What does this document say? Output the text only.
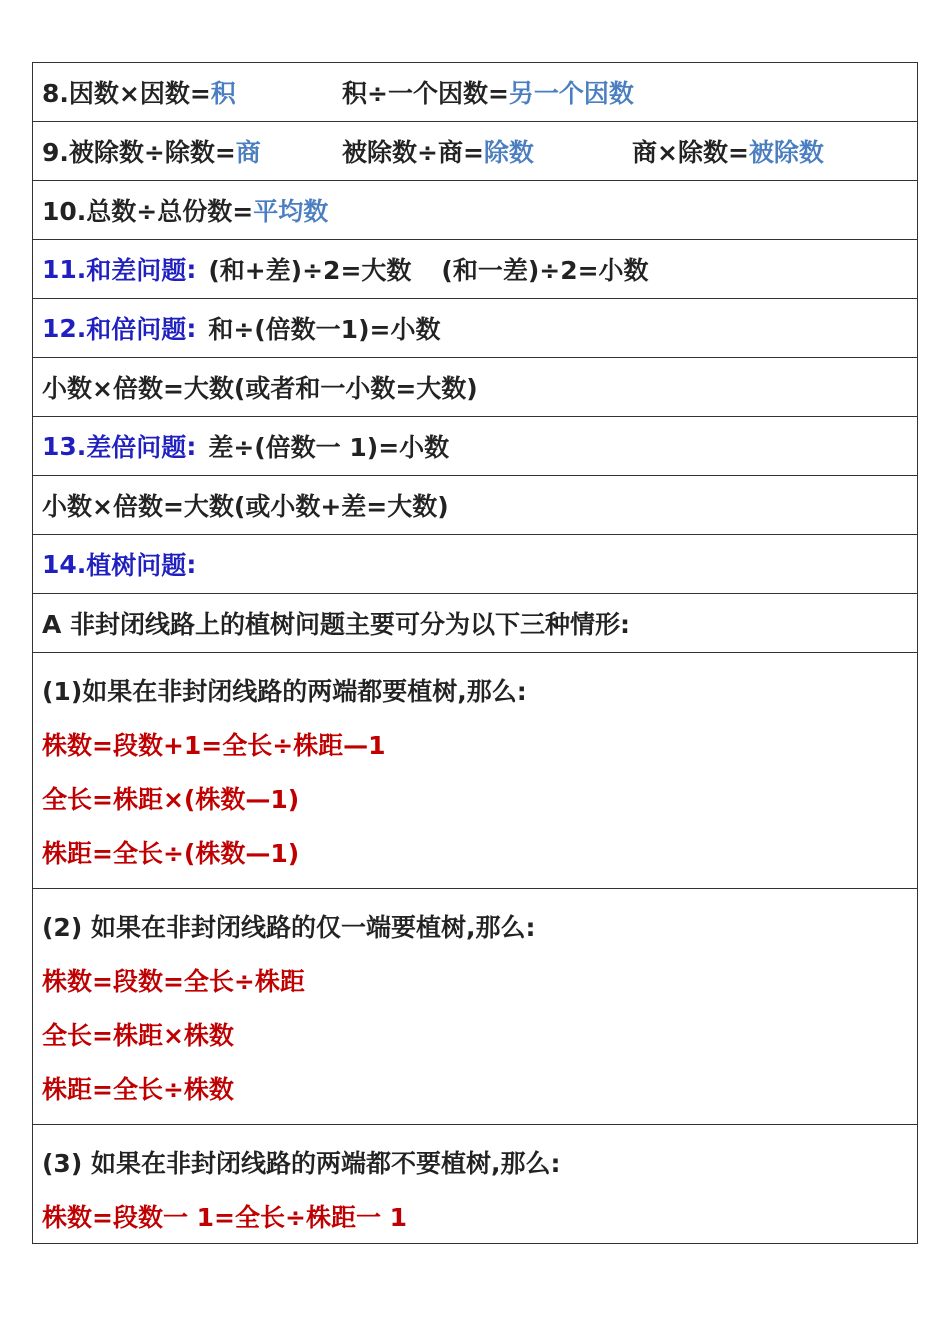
8.因数×因数=积	积÷一个因数=另一个因数
9.被除数÷除数=商	被除数÷商=除数	商×除数=被除数
10.总数÷总份数= 平均数
11. 和差问题 : (和+差)÷2=大数 (和一差)÷2=小数
12. 和倍问题 : 和÷(倍数一1)=小数
小数×倍数=大数(或者和一小数=大数)
13. 差倍问题 : 差÷(倍数一 1)=小数
小数×倍数=大数(或小数+差=大数)
14. 植树问题 :
A 非封闭线路上的植树问题主要可分为以下三种情形:
(1)如果在非封闭线路的两端都要植树,那么:
株数=段数+1=全长÷株距—1
全长=株距×(株数—1)
株距=全长÷(株数—1)
(2) 如果在非封闭线路的仅一端要植树,那么:
株数=段数=全长÷株距
全长=株距×株数
株距=全长÷株数
(3) 如果在非封闭线路的两端都不要植树,那么:
株数=段数一 1=全长÷株距一 1
